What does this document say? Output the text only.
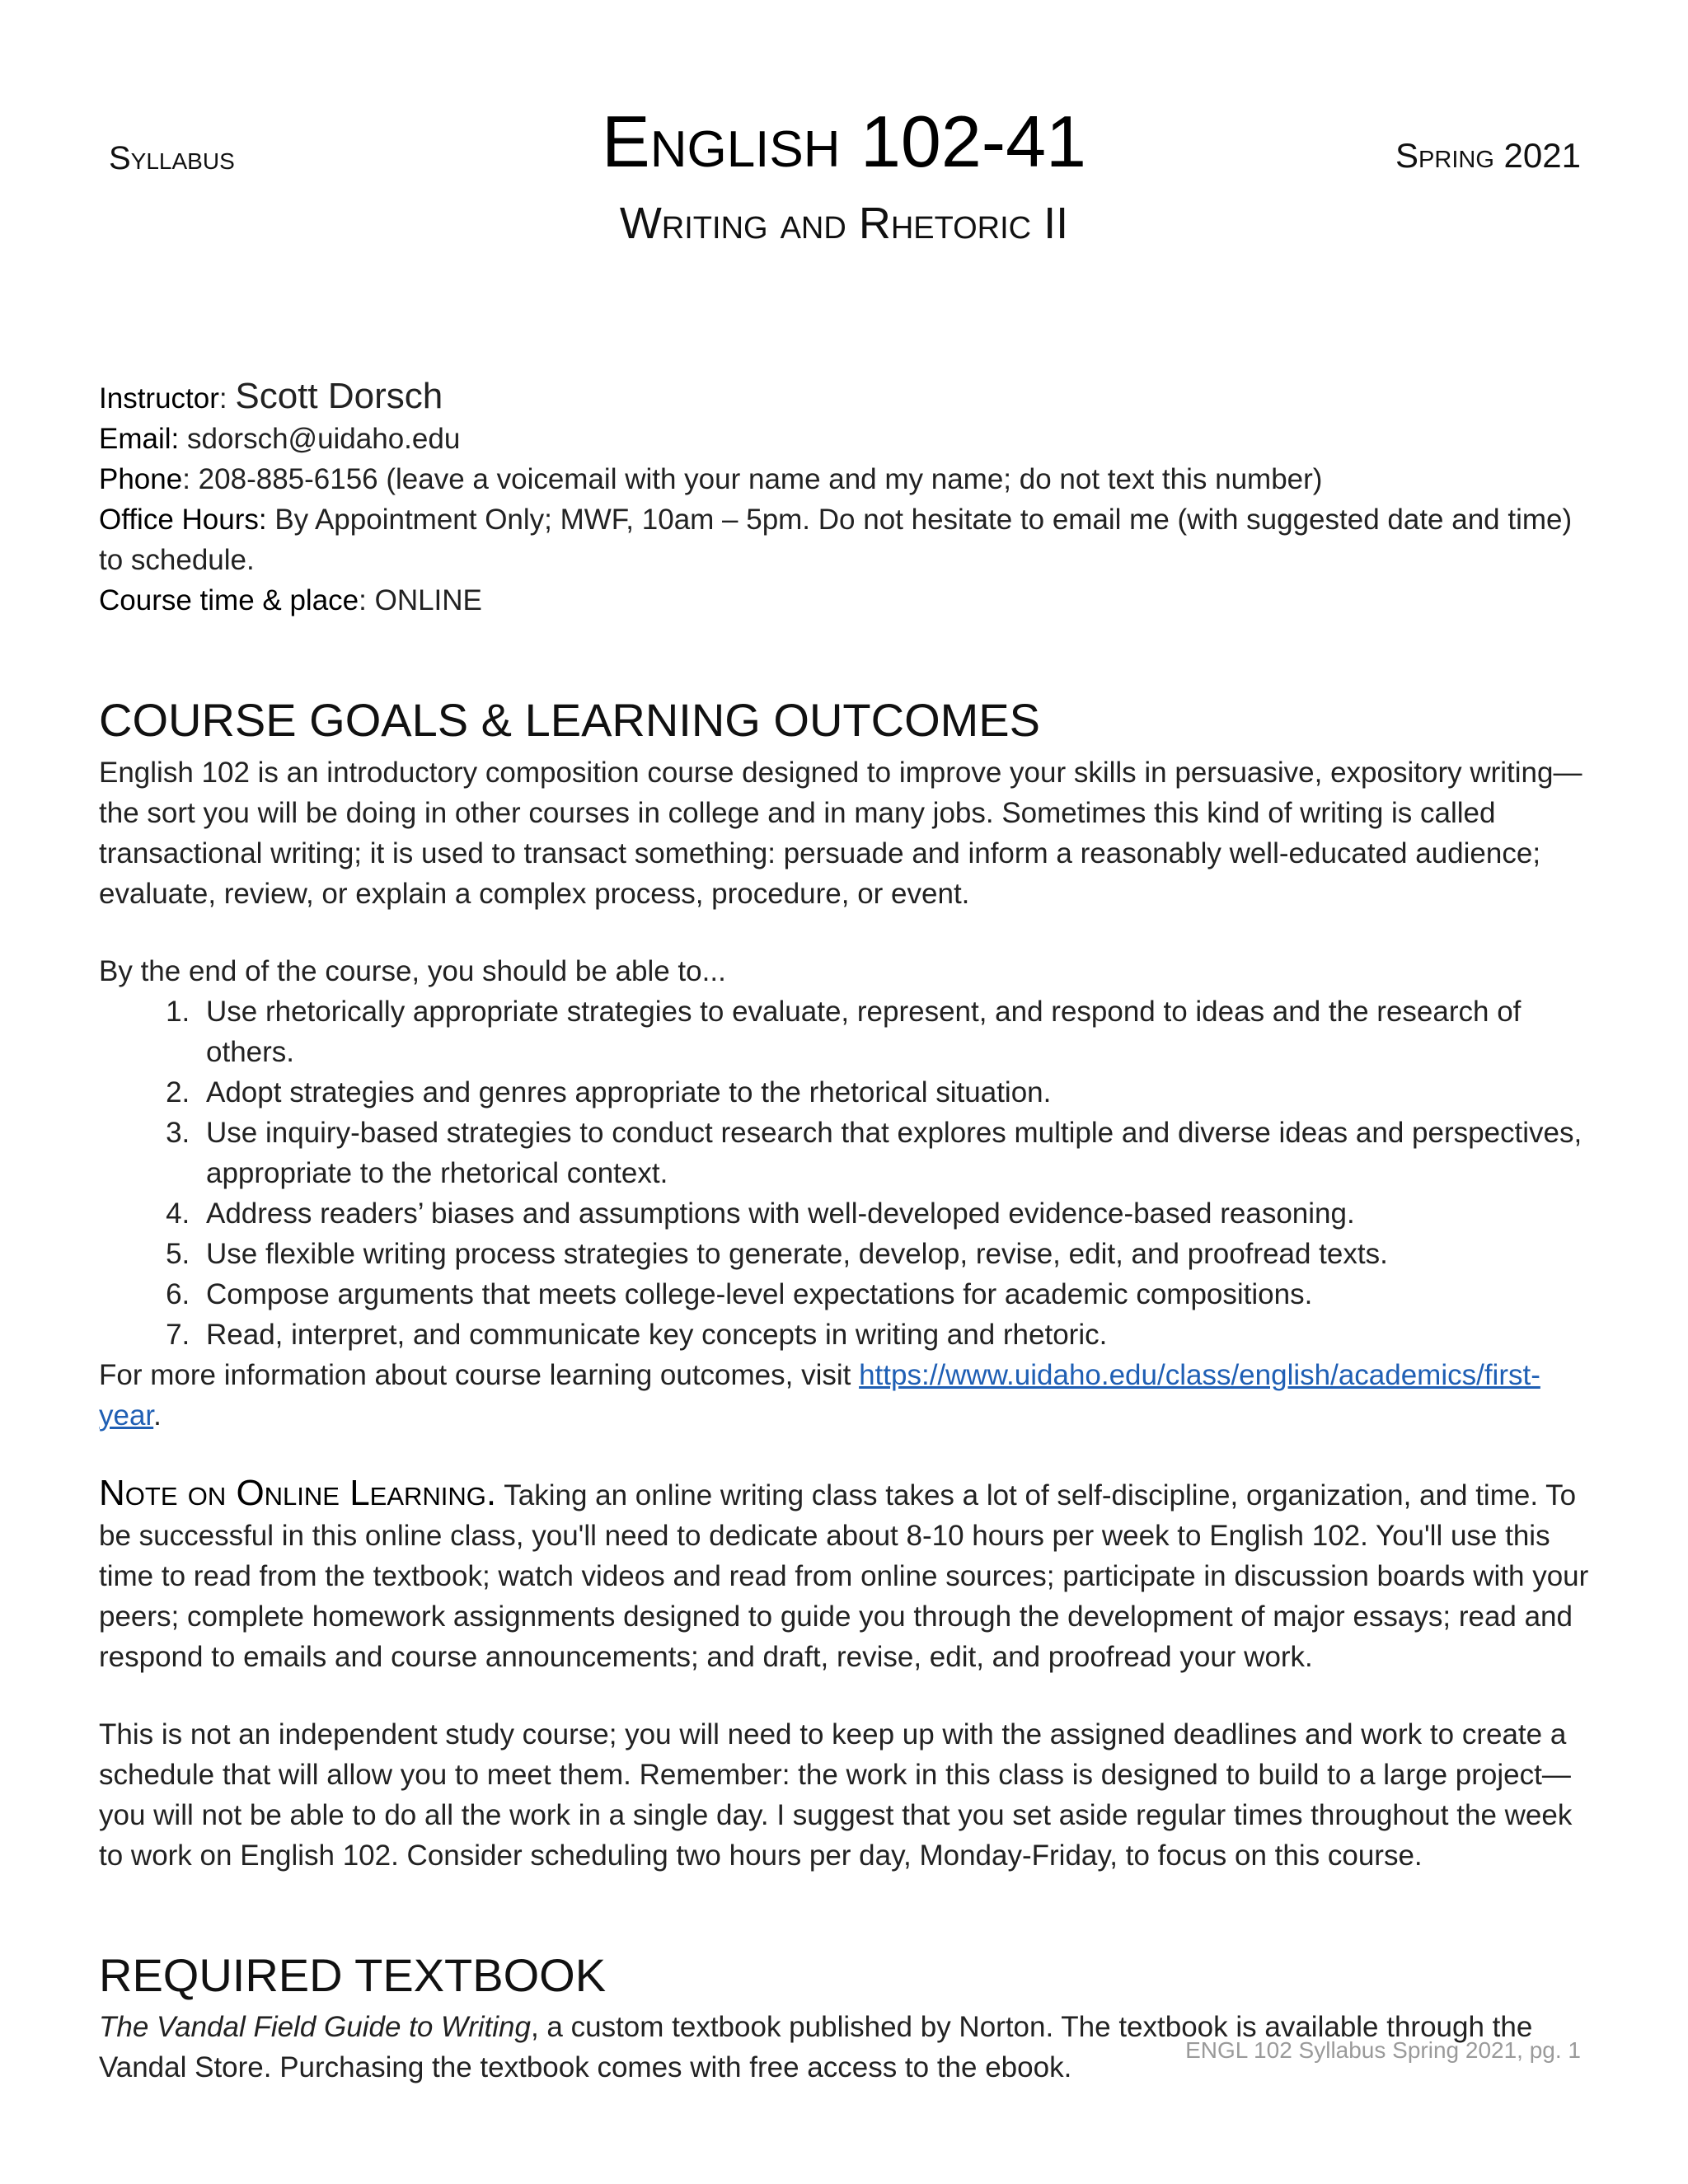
Syllabus	English 102-41	Spring 2021
Writing and Rhetoric II

Instructor: Scott Dorsch

Email: sdorsch@uidaho.edu

Phone: 208-885-6156 (leave a voicemail with your name and my name; do not text this number)

Office Hours: By Appointment Only; MWF, 10am – 5pm. Do not hesitate to email me (with suggested date and time) to schedule.

Course time & place: ONLINE

COURSE GOALS & LEARNING OUTCOMES

English 102 is an introductory composition course designed to improve your skills in persuasive, expository writing—the sort you will be doing in other courses in college and in many jobs. Sometimes this kind of writing is called transactional writing; it is used to transact something: persuade and inform a reasonably well-educated audience; evaluate, review, or explain a complex process, procedure, or event.

By the end of the course, you should be able to...

1. Use rhetorically appropriate strategies to evaluate, represent, and respond to ideas and the research of others.
2. Adopt strategies and genres appropriate to the rhetorical situation.
3. Use inquiry-based strategies to conduct research that explores multiple and diverse ideas and perspectives, appropriate to the rhetorical context.
4. Address readers’ biases and assumptions with well-developed evidence-based reasoning.
5. Use flexible writing process strategies to generate, develop, revise, edit, and proofread texts.
6. Compose arguments that meets college-level expectations for academic compositions.
7. Read, interpret, and communicate key concepts in writing and rhetoric.

For more information about course learning outcomes, visit https://www.uidaho.edu/class/english/academics/first-year.

Note on Online Learning. Taking an online writing class takes a lot of self-discipline, organization, and time. To be successful in this online class, you'll need to dedicate about 8-10 hours per week to English 102. You'll use this time to read from the textbook; watch videos and read from online sources; participate in discussion boards with your peers; complete homework assignments designed to guide you through the development of major essays; read and respond to emails and course announcements; and draft, revise, edit, and proofread your work.

This is not an independent study course; you will need to keep up with the assigned deadlines and work to create a schedule that will allow you to meet them. Remember: the work in this class is designed to build to a large project—you will not be able to do all the work in a single day. I suggest that you set aside regular times throughout the week to work on English 102. Consider scheduling two hours per day, Monday-Friday, to focus on this course.

REQUIRED TEXTBOOK

The Vandal Field Guide to Writing, a custom textbook published by Norton. The textbook is available through the Vandal Store. Purchasing the textbook comes with free access to the ebook.

ENGL 102 Syllabus Spring 2021, pg. 1
